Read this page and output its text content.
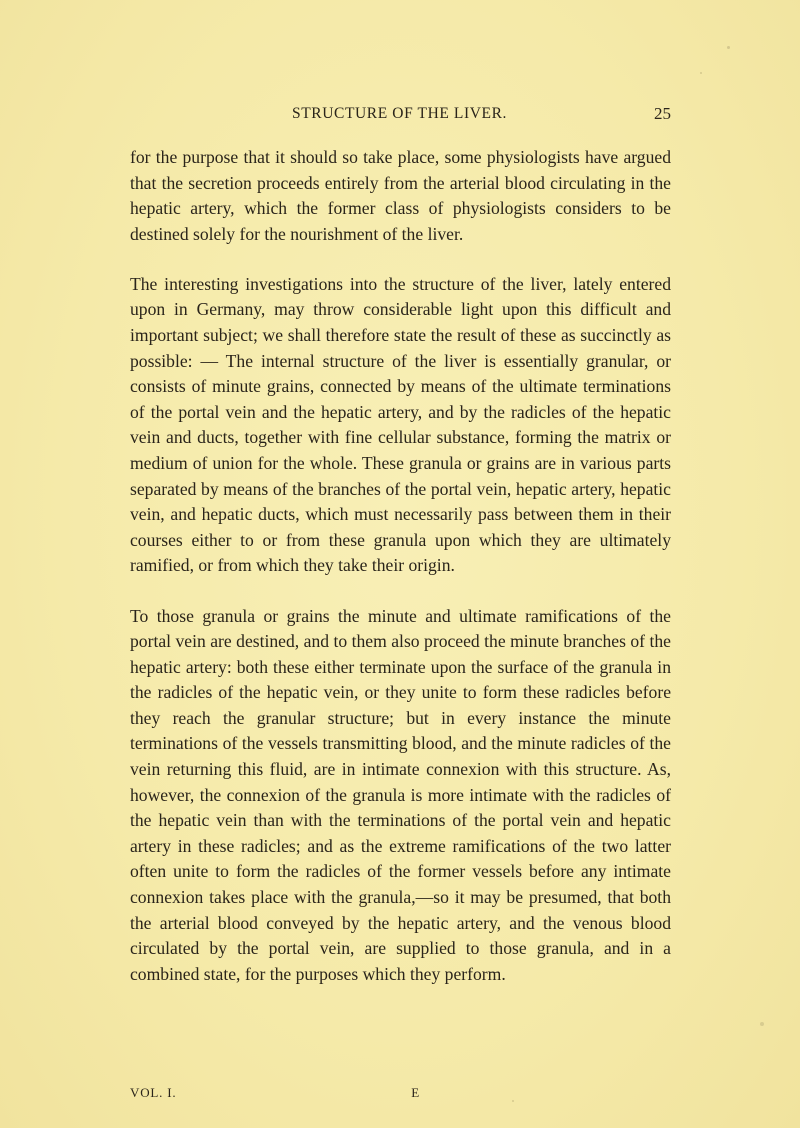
STRUCTURE OF THE LIVER.	25

for the purpose that it should so take place, some physiologists have argued that the secretion proceeds entirely from the arterial blood circulating in the hepatic artery, which the former class of physiologists considers to be destined solely for the nourishment of the liver.

The interesting investigations into the structure of the liver, lately entered upon in Germany, may throw considerable light upon this difficult and important subject; we shall therefore state the result of these as succinctly as possible: — The internal structure of the liver is essentially granular, or consists of minute grains, connected by means of the ultimate terminations of the portal vein and the hepatic artery, and by the radicles of the hepatic vein and ducts, together with fine cellular substance, forming the matrix or medium of union for the whole. These granula or grains are in various parts separated by means of the branches of the portal vein, hepatic artery, hepatic vein, and hepatic ducts, which must necessarily pass between them in their courses either to or from these granula upon which they are ultimately ramified, or from which they take their origin.

To those granula or grains the minute and ultimate ramifications of the portal vein are destined, and to them also proceed the minute branches of the hepatic artery: both these either terminate upon the surface of the granula in the radicles of the hepatic vein, or they unite to form these radicles before they reach the granular structure; but in every instance the minute terminations of the vessels transmitting blood, and the minute radicles of the vein returning this fluid, are in intimate connexion with this structure. As, however, the connexion of the granula is more intimate with the radicles of the hepatic vein than with the terminations of the portal vein and hepatic artery in these radicles; and as the extreme ramifications of the two latter often unite to form the radicles of the former vessels before any intimate connexion takes place with the granula,—so it may be presumed, that both the arterial blood conveyed by the hepatic artery, and the venous blood circulated by the portal vein, are supplied to those granula, and in a combined state, for the purposes which they perform.

VOL. I.	E
